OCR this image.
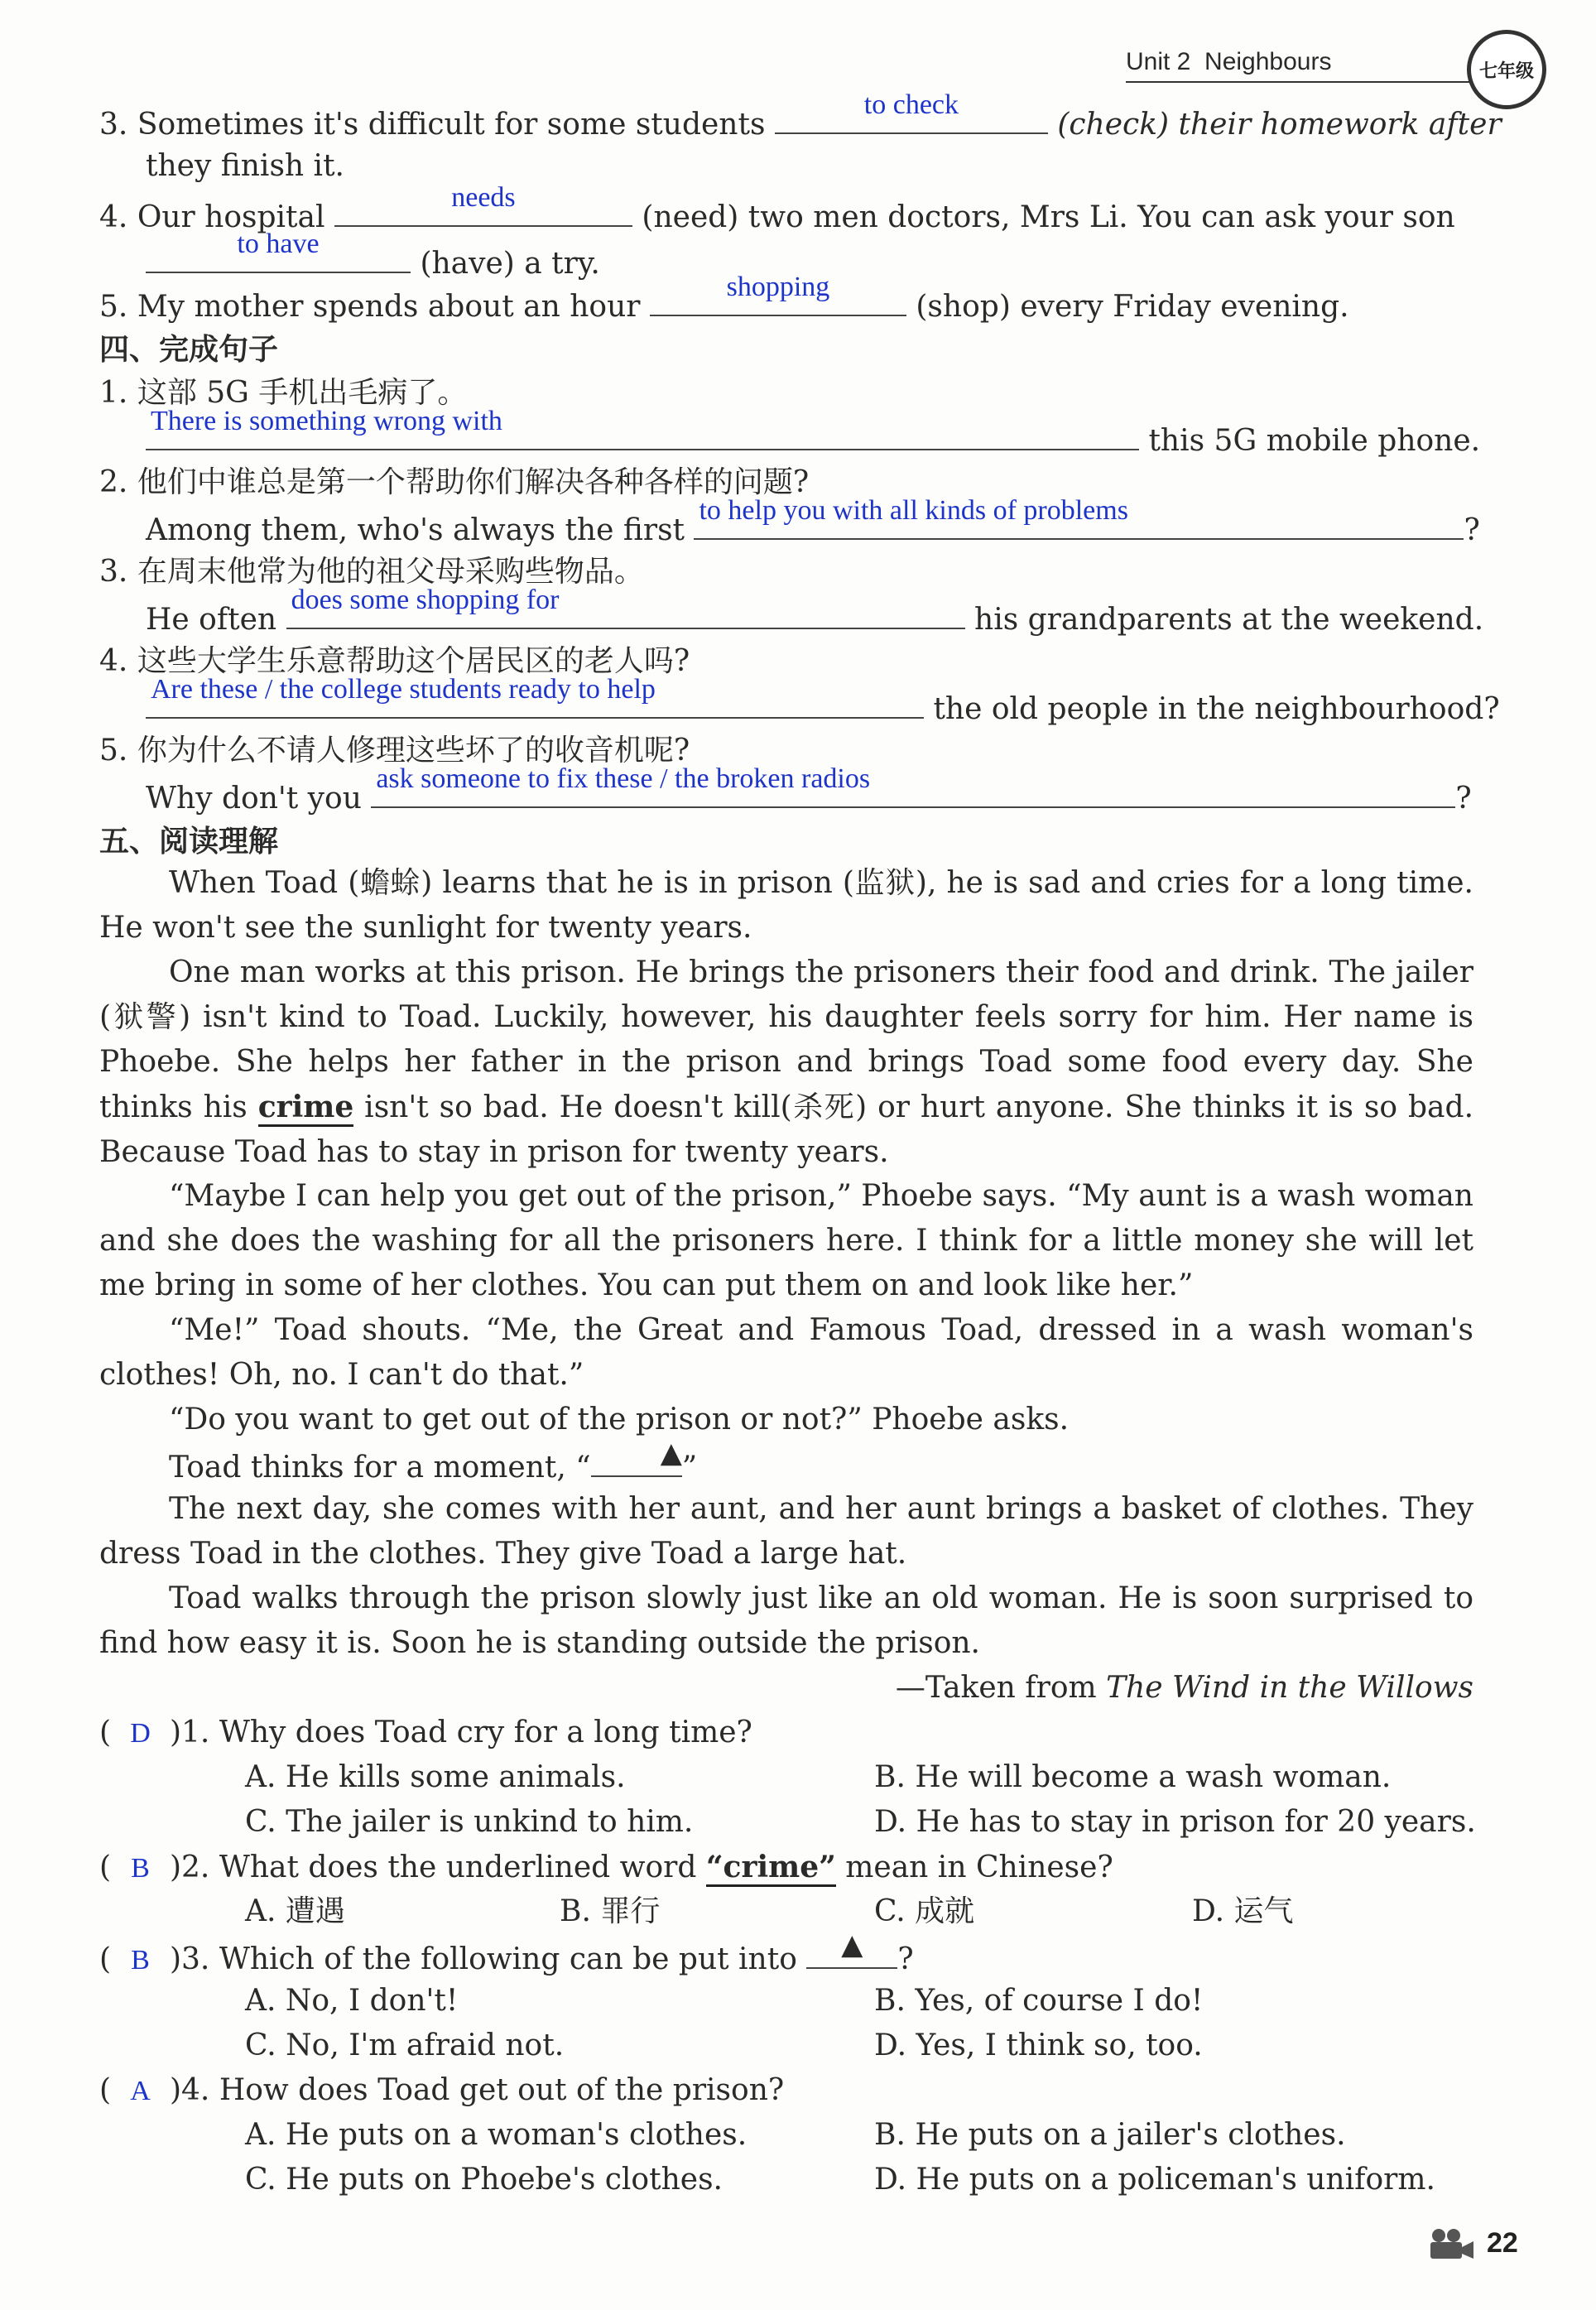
Unit 2 Neighbours	七年级
3. Sometimes it's difficult for some students
to check
(check) their homework after
they finish it.
4. Our hospital
needs
(need) two men doctors, Mrs Li. You can ask your son
to have
(have) a try.
5. My mother spends about an hour
shopping
(shop) every Friday evening.
四、完成句子
1. 这部 5G 手机出毛病了。
There is something wrong with
this 5G mobile phone.
2. 他们中谁总是第一个帮助你们解决各种各样的问题?
Among them, who's always the first
to help you with all kinds of problems
?
3. 在周末他常为他的祖父母采购些物品。
He often
does some shopping for
his grandparents at the weekend.
4. 这些大学生乐意帮助这个居民区的老人吗?
Are these / the college students ready to help
the old people in the neighbourhood?
5. 你为什么不请人修理这些坏了的收音机呢?
Why don't you
ask someone to fix these / the broken radios
?
五、阅读理解
When Toad (蟾蜍) learns that he is in prison (监狱), he is sad and cries for a long time. He won't see the sunlight for twenty years.
One man works at this prison. He brings the prisoners their food and drink. The jailer (狱警) isn't kind to Toad. Luckily, however, his daughter feels sorry for him. Her name is Phoebe. She helps her father in the prison and brings Toad some food every day. She thinks his crime isn't so bad. He doesn't kill(杀死) or hurt anyone. She thinks it is so bad. Because Toad has to stay in prison for twenty years.
“Maybe I can help you get out of the prison,” Phoebe says. “My aunt is a wash woman and she does the washing for all the prisoners here. I think for a little money she will let me bring in some of her clothes. You can put them on and look like her.”
“Me!” Toad shouts. “Me, the Great and Famous Toad, dressed in a wash woman's clothes! Oh, no. I can't do that.”
“Do you want to get out of the prison or not?” Phoebe asks.
Toad thinks for a moment, “	▲ ”
The next day, she comes with her aunt, and her aunt brings a basket of clothes. They dress Toad in the clothes. They give Toad a large hat.
Toad walks through the prison slowly just like an old woman. He is soon surprised to find how easy it is. Soon he is standing outside the prison.
—Taken from The Wind in the Willows
( D )1. Why does Toad cry for a long time?
A. He kills some animals.	B. He will become a wash woman.
C. The jailer is unkind to him.	D. He has to stay in prison for 20 years.
( B )2. What does the underlined word “crime” mean in Chinese?
A. 遭遇	B. 罪行	C. 成就	D. 运气
( B )3. Which of the following can be put into	▲	?
A. No, I don't!	B. Yes, of course I do!
C. No, I'm afraid not.	D. Yes, I think so, too.
( A )4. How does Toad get out of the prison?
A. He puts on a woman's clothes.	B. He puts on a jailer's clothes.
C. He puts on Phoebe's clothes.	D. He puts on a policeman's uniform.
22
